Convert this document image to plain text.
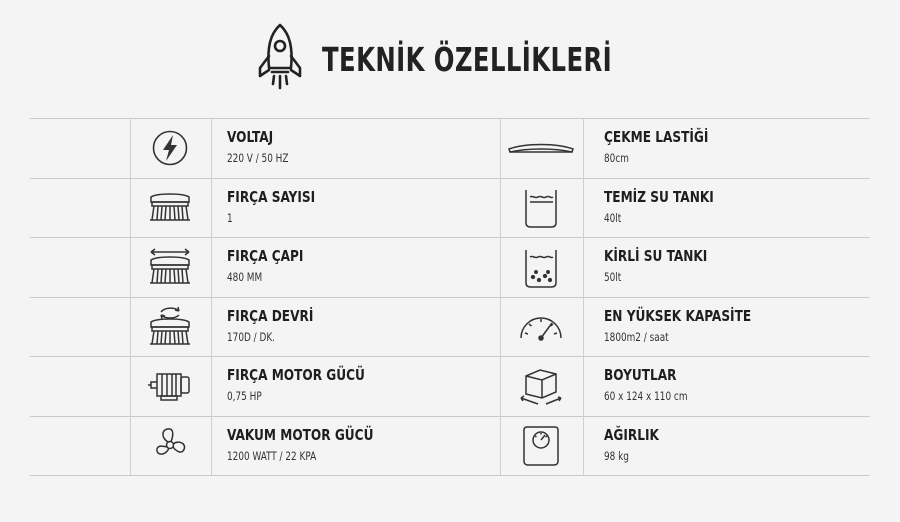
TEKNİK ÖZELLİKLERİ
VOLTAJ
220 V / 50 HZ
FIRÇA SAYISI
1
FIRÇA ÇAPI
480 MM
FIRÇA DEVRİ
170D / DK.
FIRÇA MOTOR GÜCÜ
0,75 HP
VAKUM MOTOR GÜCÜ
1200 WATT / 22 KPA
ÇEKME LASTİĞİ
80cm
TEMİZ SU TANKI
40lt
KİRLİ SU TANKI
50lt
EN YÜKSEK KAPASİTE
1800m2 / saat
BOYUTLAR
60 x 124 x 110 cm
AĞIRLIK
98 kg
